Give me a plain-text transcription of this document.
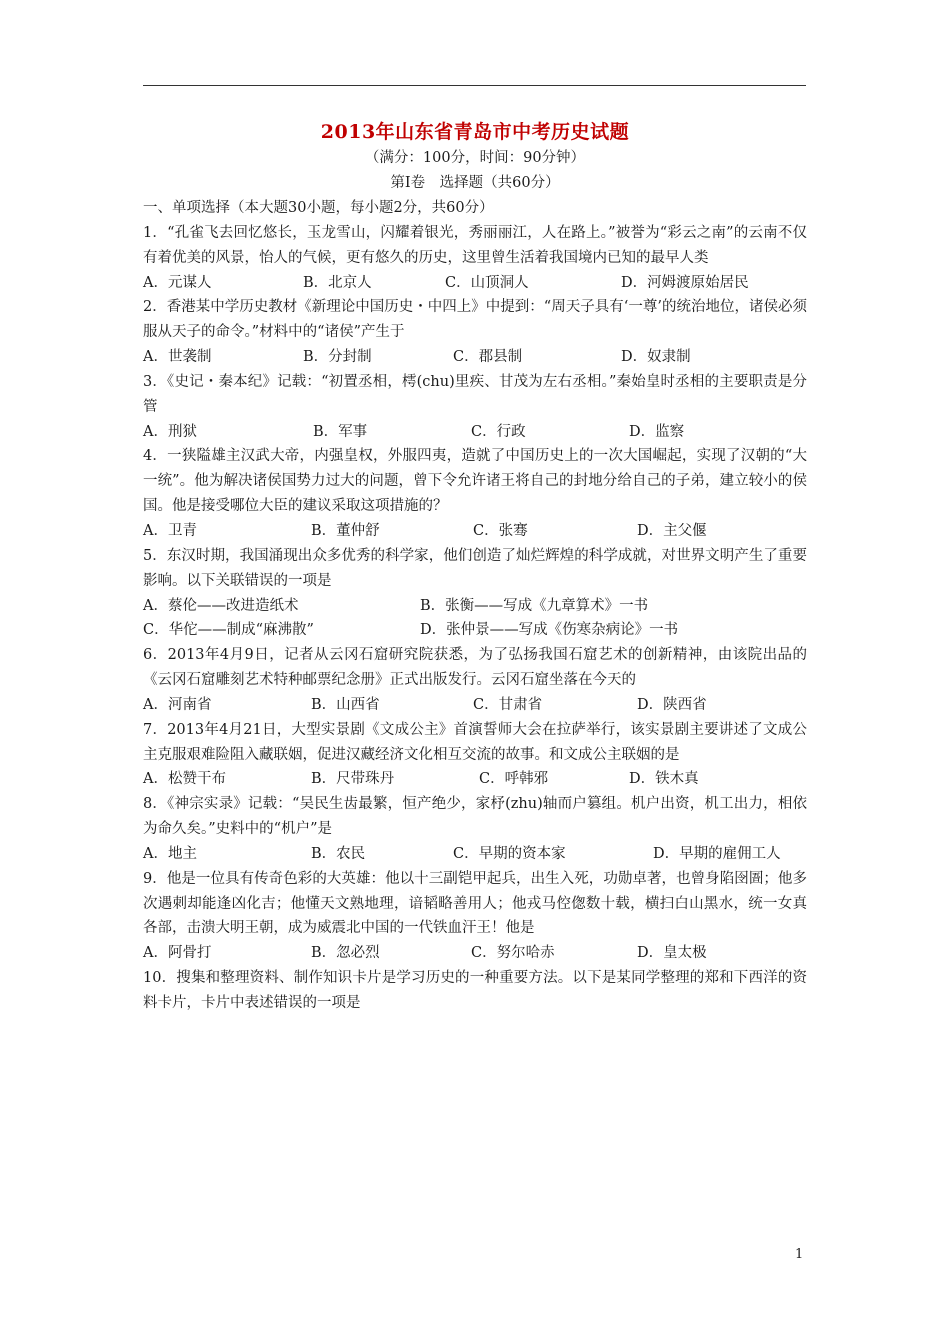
2013年山东省青岛市中考历史试题
（满分：100分，时间：90分钟）
第Ⅰ卷　选择题（共60分）
一、单项选择（本大题30小题，每小题2分，共60分）
1．“孔雀飞去回忆悠长，玉龙雪山，闪耀着银光，秀丽丽江，人在路上。”被誉为“彩云之南”的云南不仅有着优美的风景，怡人的气候，更有悠久的历史，这里曾生活着我国境内已知的最早人类
A．元谋人	B．北京人	C．山顶洞人	D．河姆渡原始居民
2．香港某中学历史教材《新理论中国历史・中四上》中提到：“周天子具有‘一尊’的统治地位，诸侯必须服从天子的命令。”材料中的“诸侯”产生于
A．世袭制	B．分封制	C．郡县制	D．奴隶制
3．《史记・秦本纪》记载：“初置丞相，樗(chu)里疾、甘茂为左右丞相。”秦始皇时丞相的主要职责是分管
A．刑狱	B．军事	C．行政	D．监察
4．一狭隘雄主汉武大帝，内强皇权，外服四夷，造就了中国历史上的一次大国崛起，实现了汉朝的“大一统”。他为解决诸侯国势力过大的问题，曾下令允许诸王将自己的封地分给自己的子弟，建立较小的侯国。他是接受哪位大臣的建议采取这项措施的？
A．卫青	B．董仲舒	C．张骞	D．主父偃
5．东汉时期，我国涌现出众多优秀的科学家，他们创造了灿烂辉煌的科学成就，对世界文明产生了重要影响。以下关联错误的一项是
A．蔡伦——改进造纸术	B．张衡——写成《九章算术》一书
C．华佗——制成“麻沸散”	D．张仲景——写成《伤寒杂病论》一书
6．2013年4月9日，记者从云冈石窟研究院获悉，为了弘扬我国石窟艺术的创新精神，由该院出品的《云冈石窟雕刻艺术特种邮票纪念册》正式出版发行。云冈石窟坐落在今天的
A．河南省	B．山西省	C．甘肃省	D．陕西省
7．2013年4月21日，大型实景剧《文成公主》首演誓师大会在拉萨举行，该实景剧主要讲述了文成公主克服艰难险阻入藏联姻，促进汉藏经济文化相互交流的故事。和文成公主联姻的是
A．松赞干布	B．尺带珠丹	C．呼韩邪	D．铁木真
8．《神宗实录》记载：“吴民生齿最繁，恒产绝少，家杼(zhu)轴而户篡组。机户出资，机工出力，相依为命久矣。”史料中的“机户”是
A．地主	B．农民	C．早期的资本家	D．早期的雇佣工人
9．他是一位具有传奇色彩的大英雄：他以十三副铠甲起兵，出生入死，功勋卓著，也曾身陷囹圄；他多次遇刺却能逢凶化吉；他懂天文熟地理，谙韬略善用人；他戎马倥偬数十载，横扫白山黑水，统一女真各部，击溃大明王朝，成为威震北中国的一代铁血汗王！他是
A．阿骨打	B．忽必烈	C．努尔哈赤	D．皇太极
10．搜集和整理资料、制作知识卡片是学习历史的一种重要方法。以下是某同学整理的郑和下西洋的资料卡片，卡片中表述错误的一项是
1
